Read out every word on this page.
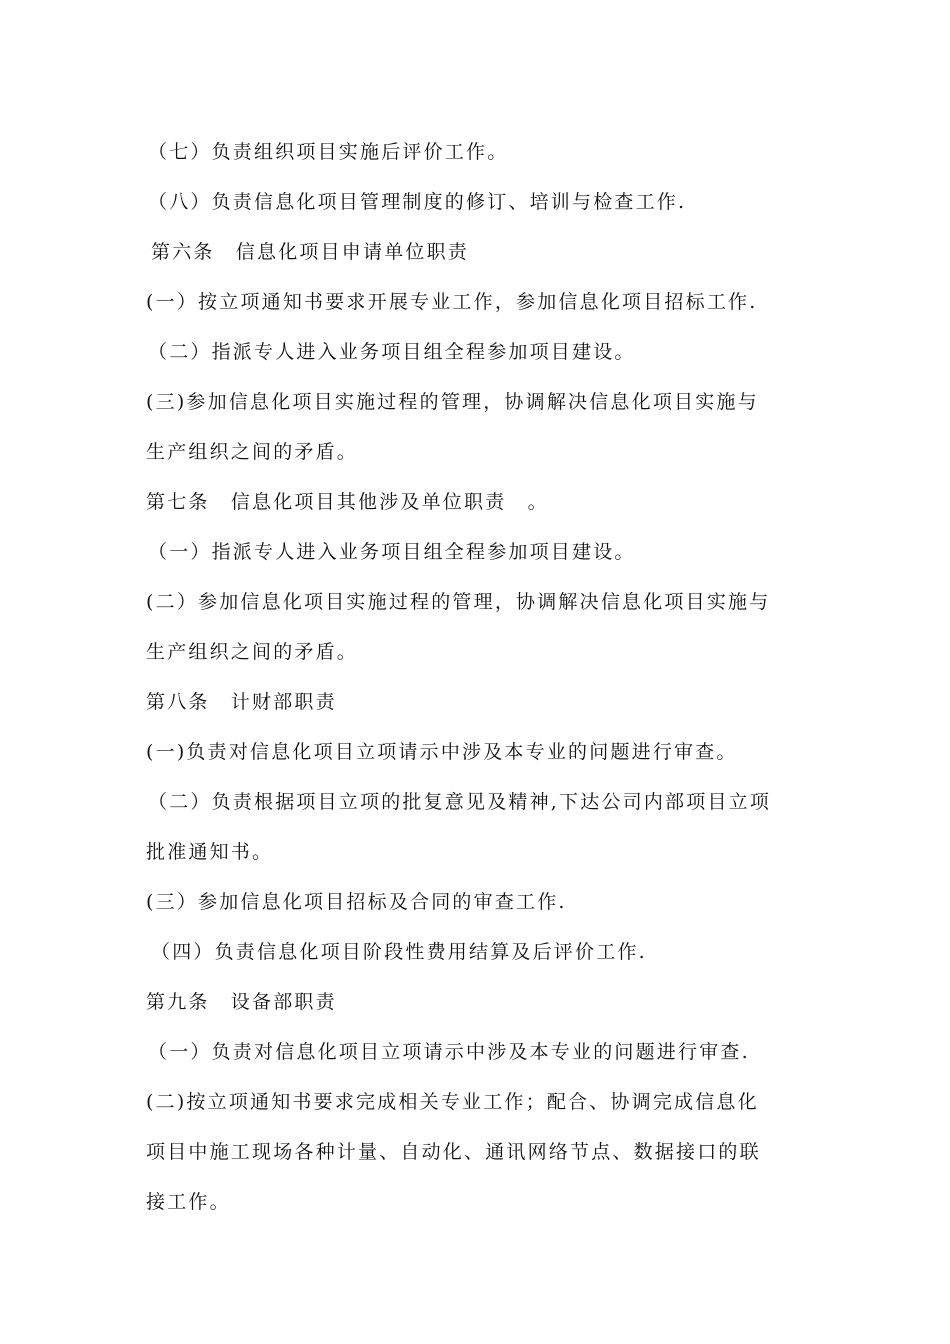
（七）负责组织项目实施后评价工作。
（八）负责信息化项目管理制度的修订、培训与检查工作.
第六条　信息化项目申请单位职责
(一）按立项通知书要求开展专业工作，参加信息化项目招标工作.
（二）指派专人进入业务项目组全程参加项目建设。
(三)参加信息化项目实施过程的管理，协调解决信息化项目实施与
生产组织之间的矛盾。
第七条　信息化项目其他涉及单位职责　。
（一）指派专人进入业务项目组全程参加项目建设。
(二）参加信息化项目实施过程的管理，协调解决信息化项目实施与
生产组织之间的矛盾。
第八条　计财部职责
(一)负责对信息化项目立项请示中涉及本专业的问题进行审查。
（二）负责根据项目立项的批复意见及精神,下达公司内部项目立项
批准通知书。
(三）参加信息化项目招标及合同的审查工作.
（四）负责信息化项目阶段性费用结算及后评价工作.
第九条　设备部职责
（一）负责对信息化项目立项请示中涉及本专业的问题进行审查.
(二)按立项通知书要求完成相关专业工作；配合、协调完成信息化
项目中施工现场各种计量、自动化、通讯网络节点、数据接口的联
接工作。
